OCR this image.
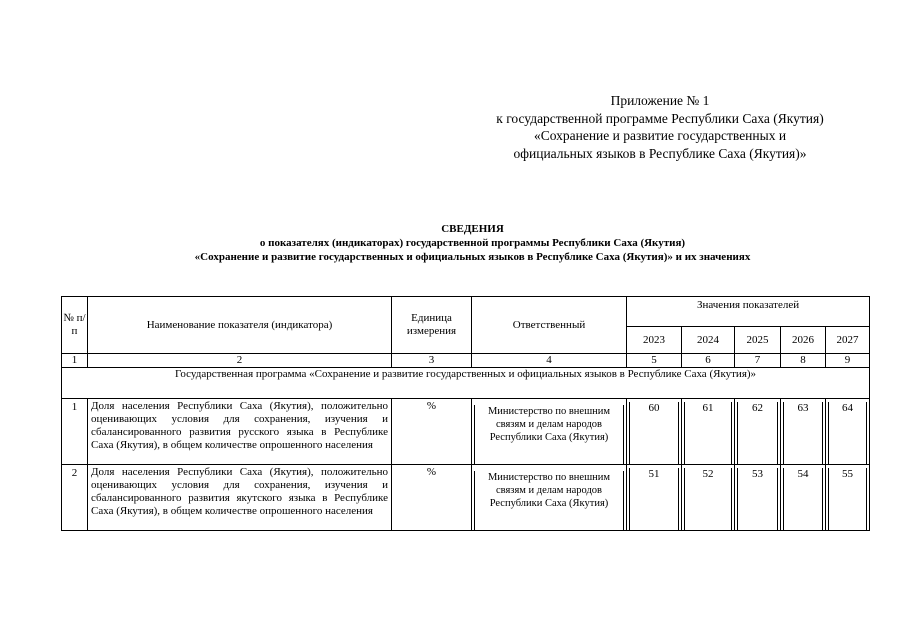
Приложение № 1
к государственной программе Республики Саха (Якутия)
«Сохранение и развитие государственных и
официальных языков в Республике Саха (Якутия)»
СВЕДЕНИЯ
о показателях (индикаторах) государственной программы Республики Саха (Якутия)
«Сохранение и развитие государственных и официальных языков в Республике Саха (Якутия)» и их значениях
№ п/п	Наименование показателя (индикатора)	Единица измерения	Ответственный	Значения показателей				
				2023	2024	2025	2026	2027
1	2	3	4	5	6	7	8	9
Государственная программа «Сохранение и развитие государственных и официальных языков в Республике Саха (Якутия)»								
1	Доля населения Республики Саха (Якутия), положительно оценивающих условия для сохранения, изучения и сбалансированного развития русского языка в Республике Саха (Якутия), в общем количестве опрошенного населения	%	Министерство по внешним связям и делам народов Республики Саха (Якутия)	60	61	62	63	64

2	Доля населения Республики Саха (Якутия), положительно оценивающих условия для сохранения, изучения и сбалансированного развития якутского языка в Республике Саха (Якутия), в общем количестве опрошенного населения	%	Министерство по внешним связям и делам народов Республики Саха (Якутия)	51	52	53	54	55
